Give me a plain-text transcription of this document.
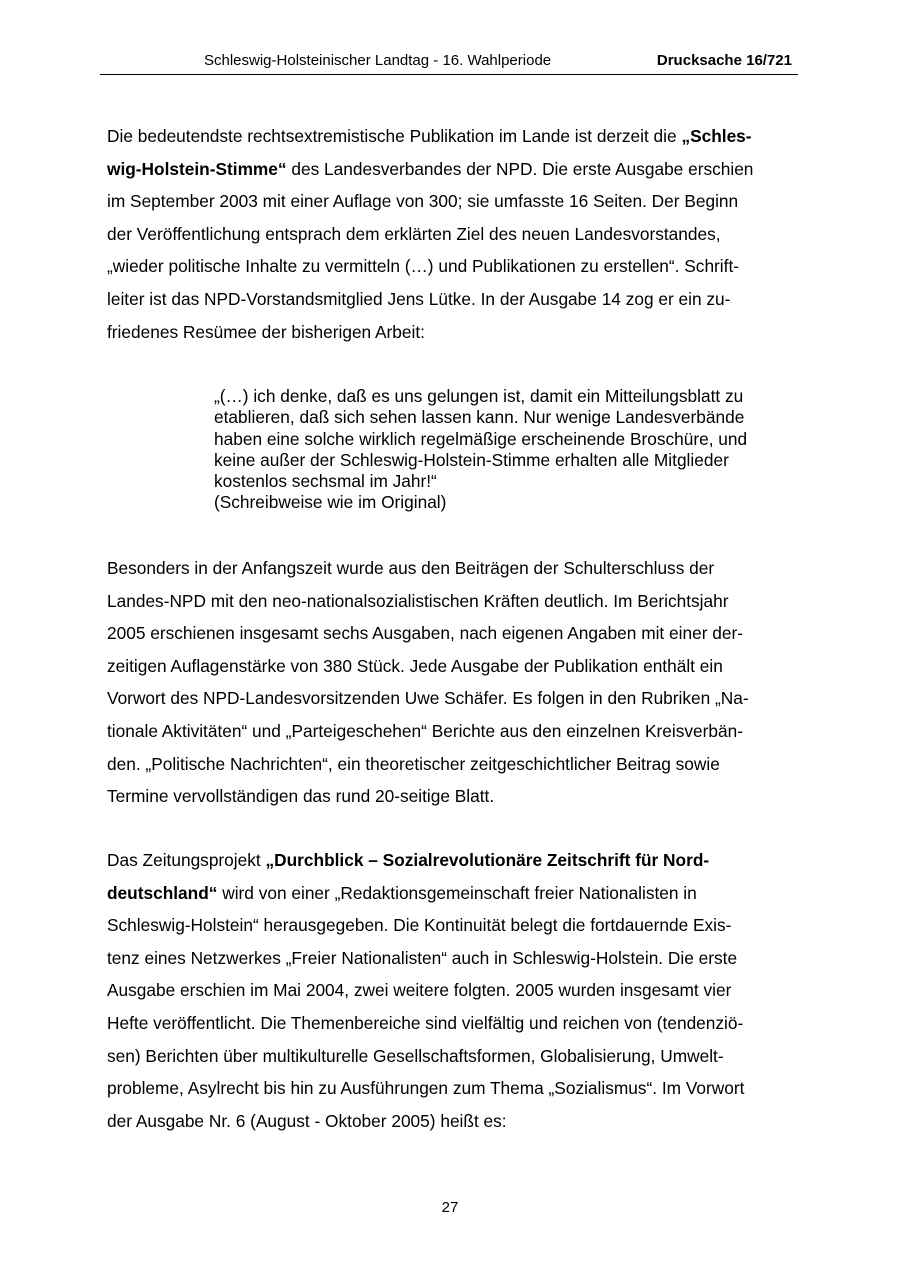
Schleswig-Holsteinischer Landtag - 16. Wahlperiode	Drucksache 16/721

Die bedeutendste rechtsextremistische Publikation im Lande ist derzeit die „Schles-
wig-Holstein-Stimme“ des Landesverbandes der NPD. Die erste Ausgabe erschien
im September 2003 mit einer Auflage von 300; sie umfasste 16 Seiten. Der Beginn
der Veröffentlichung entsprach dem erklärten Ziel des neuen Landesvorstandes,
„wieder politische Inhalte zu vermitteln (…) und Publikationen zu erstellen“. Schrift-
leiter ist das NPD-Vorstandsmitglied Jens Lütke. In der Ausgabe 14 zog er ein zu-
friedenes Resümee der bisherigen Arbeit:

„(…) ich denke, daß es uns gelungen ist, damit ein Mitteilungsblatt zu
etablieren, daß sich sehen lassen kann. Nur wenige Landesverbände
haben eine solche wirklich regelmäßige erscheinende Broschüre, und
keine außer der Schleswig-Holstein-Stimme erhalten alle Mitglieder
kostenlos sechsmal im Jahr!“
(Schreibweise wie im Original)

Besonders in der Anfangszeit wurde aus den Beiträgen der Schulterschluss der
Landes-NPD mit den neo-nationalsozialistischen Kräften deutlich. Im Berichtsjahr
2005 erschienen insgesamt sechs Ausgaben, nach eigenen Angaben mit einer der-
zeitigen Auflagenstärke von 380 Stück. Jede Ausgabe der Publikation enthält ein
Vorwort des NPD-Landesvorsitzenden Uwe Schäfer. Es folgen in den Rubriken „Na-
tionale Aktivitäten“ und „Parteigeschehen“ Berichte aus den einzelnen Kreisverbän-
den. „Politische Nachrichten“, ein theoretischer zeitgeschichtlicher Beitrag sowie
Termine vervollständigen das rund 20-seitige Blatt.

Das Zeitungsprojekt „Durchblick – Sozialrevolutionäre Zeitschrift für Nord-
deutschland“ wird von einer „Redaktionsgemeinschaft freier Nationalisten in
Schleswig-Holstein“ herausgegeben. Die Kontinuität belegt die fortdauernde Exis-
tenz eines Netzwerkes „Freier Nationalisten“ auch in Schleswig-Holstein. Die erste
Ausgabe erschien im Mai 2004, zwei weitere folgten. 2005 wurden insgesamt vier
Hefte veröffentlicht. Die Themenbereiche sind vielfältig und reichen von (tendenziö-
sen) Berichten über multikulturelle Gesellschaftsformen, Globalisierung, Umwelt-
probleme, Asylrecht bis hin zu Ausführungen zum Thema „Sozialismus“. Im Vorwort
der Ausgabe Nr. 6 (August - Oktober 2005) heißt es:

27
